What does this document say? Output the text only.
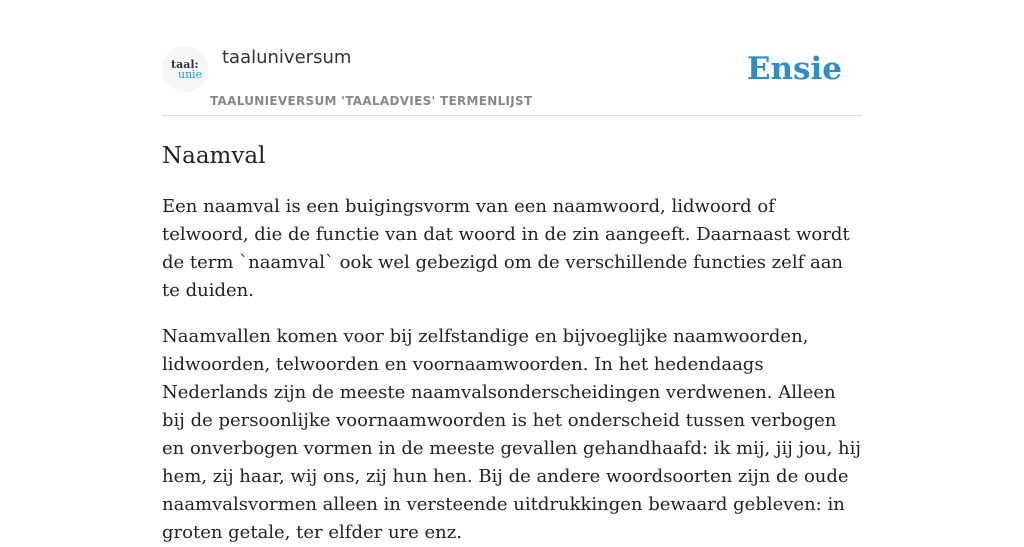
taal:
unie
taaluniversum
TAALUNIEVERSUM 'TAALADVIES' TERMENLIJST
Ensie
Naamval

Een naamval is een buigingsvorm van een naamwoord, lidwoord of telwoord, die de functie van dat woord in de zin aangeeft. Daarnaast wordt de term `naamval` ook wel gebezigd om de verschillende functies zelf aan te duiden.

Naamvallen komen voor bij zelfstandige en bijvoeglijke naamwoorden, lidwoorden, telwoorden en voornaamwoorden. In het hedendaags Nederlands zijn de meeste naamvalsonderscheidingen verdwenen. Alleen bij de persoonlijke voornaamwoorden is het onderscheid tussen verbogen en onverbogen vormen in de meeste gevallen gehandhaafd: ik mij, jij jou, hij hem, zij haar, wij ons, zij hun hen. Bij de andere woordsoorten zijn de oude naamvalsvormen alleen in versteende uitdrukkingen bewaard gebleven: in groten getale, ter elfder ure enz.
